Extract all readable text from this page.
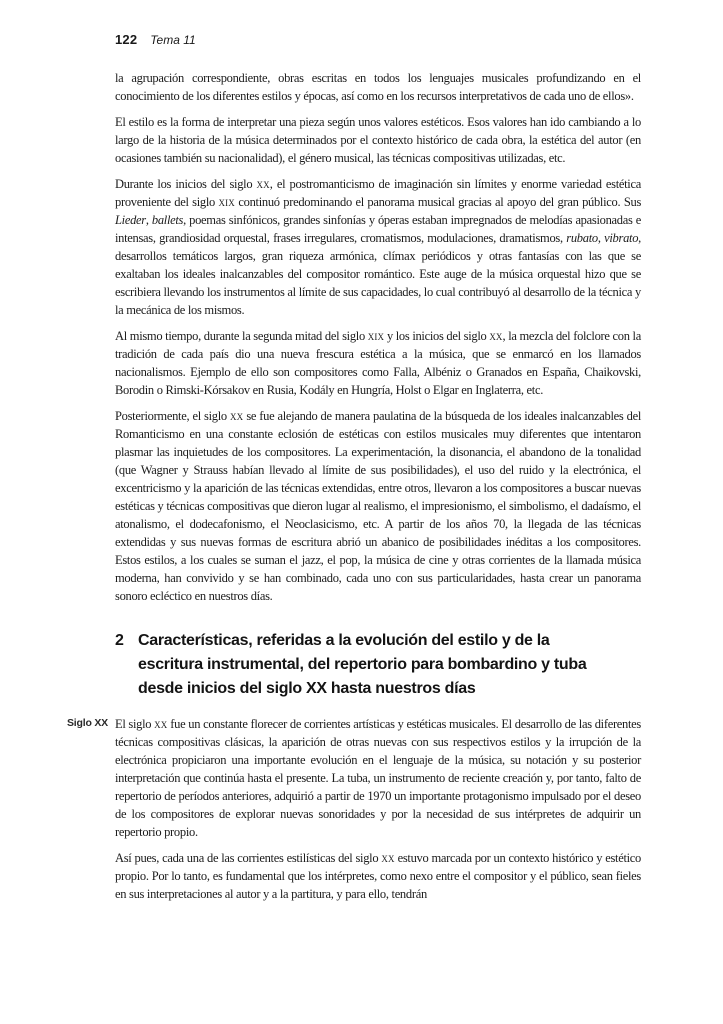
122 Tema 11

la agrupación correspondiente, obras escritas en todos los lenguajes musicales profundizando en el conocimiento de los diferentes estilos y épocas, así como en los recursos interpretativos de cada uno de ellos».

El estilo es la forma de interpretar una pieza según unos valores estéticos. Esos valores han ido cambiando a lo largo de la historia de la música determinados por el contexto histórico de cada obra, la estética del autor (en ocasiones también su nacionalidad), el género musical, las técnicas compositivas utilizadas, etc.

Durante los inicios del siglo xx, el postromanticismo de imaginación sin límites y enorme variedad estética proveniente del siglo xix continuó predominando el panorama musical gracias al apoyo del gran público. Sus Lieder, ballets, poemas sinfónicos, grandes sinfonías y óperas estaban impregnados de melodías apasionadas e intensas, grandiosidad orquestal, frases irregulares, cromatismos, modulaciones, dramatismos, rubato, vibrato, desarrollos temáticos largos, gran riqueza armónica, clímax periódicos y otras fantasías con las que se exaltaban los ideales inalcanzables del compositor romántico. Este auge de la música orquestal hizo que se escribiera llevando los instrumentos al límite de sus capacidades, lo cual contribuyó al desarrollo de la técnica y la mecánica de los mismos.

Al mismo tiempo, durante la segunda mitad del siglo xix y los inicios del siglo xx, la mezcla del folclore con la tradición de cada país dio una nueva frescura estética a la música, que se enmarcó en los llamados nacionalismos. Ejemplo de ello son compositores como Falla, Albéniz o Granados en España, Chaikovski, Borodin o Rimski-Kórsakov en Rusia, Kodály en Hungría, Holst o Elgar en Inglaterra, etc.

Posteriormente, el siglo xx se fue alejando de manera paulatina de la búsqueda de los ideales inalcanzables del Romanticismo en una constante eclosión de estéticas con estilos musicales muy diferentes que intentaron plasmar las inquietudes de los compositores. La experimentación, la disonancia, el abandono de la tonalidad (que Wagner y Strauss habían llevado al límite de sus posibilidades), el uso del ruido y la electrónica, el excentricismo y la aparición de las técnicas extendidas, entre otros, llevaron a los compositores a buscar nuevas estéticas y técnicas compositivas que dieron lugar al realismo, el impresionismo, el simbolismo, el dadaísmo, el atonalismo, el dodecafonismo, el Neoclasicismo, etc. A partir de los años 70, la llegada de las técnicas extendidas y sus nuevas formas de escritura abrió un abanico de posibilidades inéditas a los compositores. Estos estilos, a los cuales se suman el jazz, el pop, la música de cine y otras corrientes de la llamada música moderna, han convivido y se han combinado, cada uno con sus particularidades, hasta crear un panorama sonoro ecléctico en nuestros días.

2 Características, referidas a la evolución del estilo y de la
escritura instrumental, del repertorio para bombardino y tuba
desde inicios del siglo XX hasta nuestros días
Siglo XX El siglo xx fue un constante florecer de corrientes artísticas y estéticas musicales. El desarrollo de las diferentes técnicas compositivas clásicas, la aparición de otras nuevas con sus respectivos estilos y la irrupción de la electrónica propiciaron una importante evolución en el lenguaje de la música, su notación y su posterior interpretación que continúa hasta el presente. La tuba, un instrumento de reciente creación y, por tanto, falto de repertorio de períodos anteriores, adquirió a partir de 1970 un importante protagonismo impulsado por el deseo de los compositores de explorar nuevas sonoridades y por la necesidad de sus intérpretes de adquirir un repertorio propio.

Así pues, cada una de las corrientes estilísticas del siglo xx estuvo marcada por un contexto histórico y estético propio. Por lo tanto, es fundamental que los intérpretes, como nexo entre el compositor y el público, sean fieles en sus interpretaciones al autor y a la partitura, y para ello, tendrán
